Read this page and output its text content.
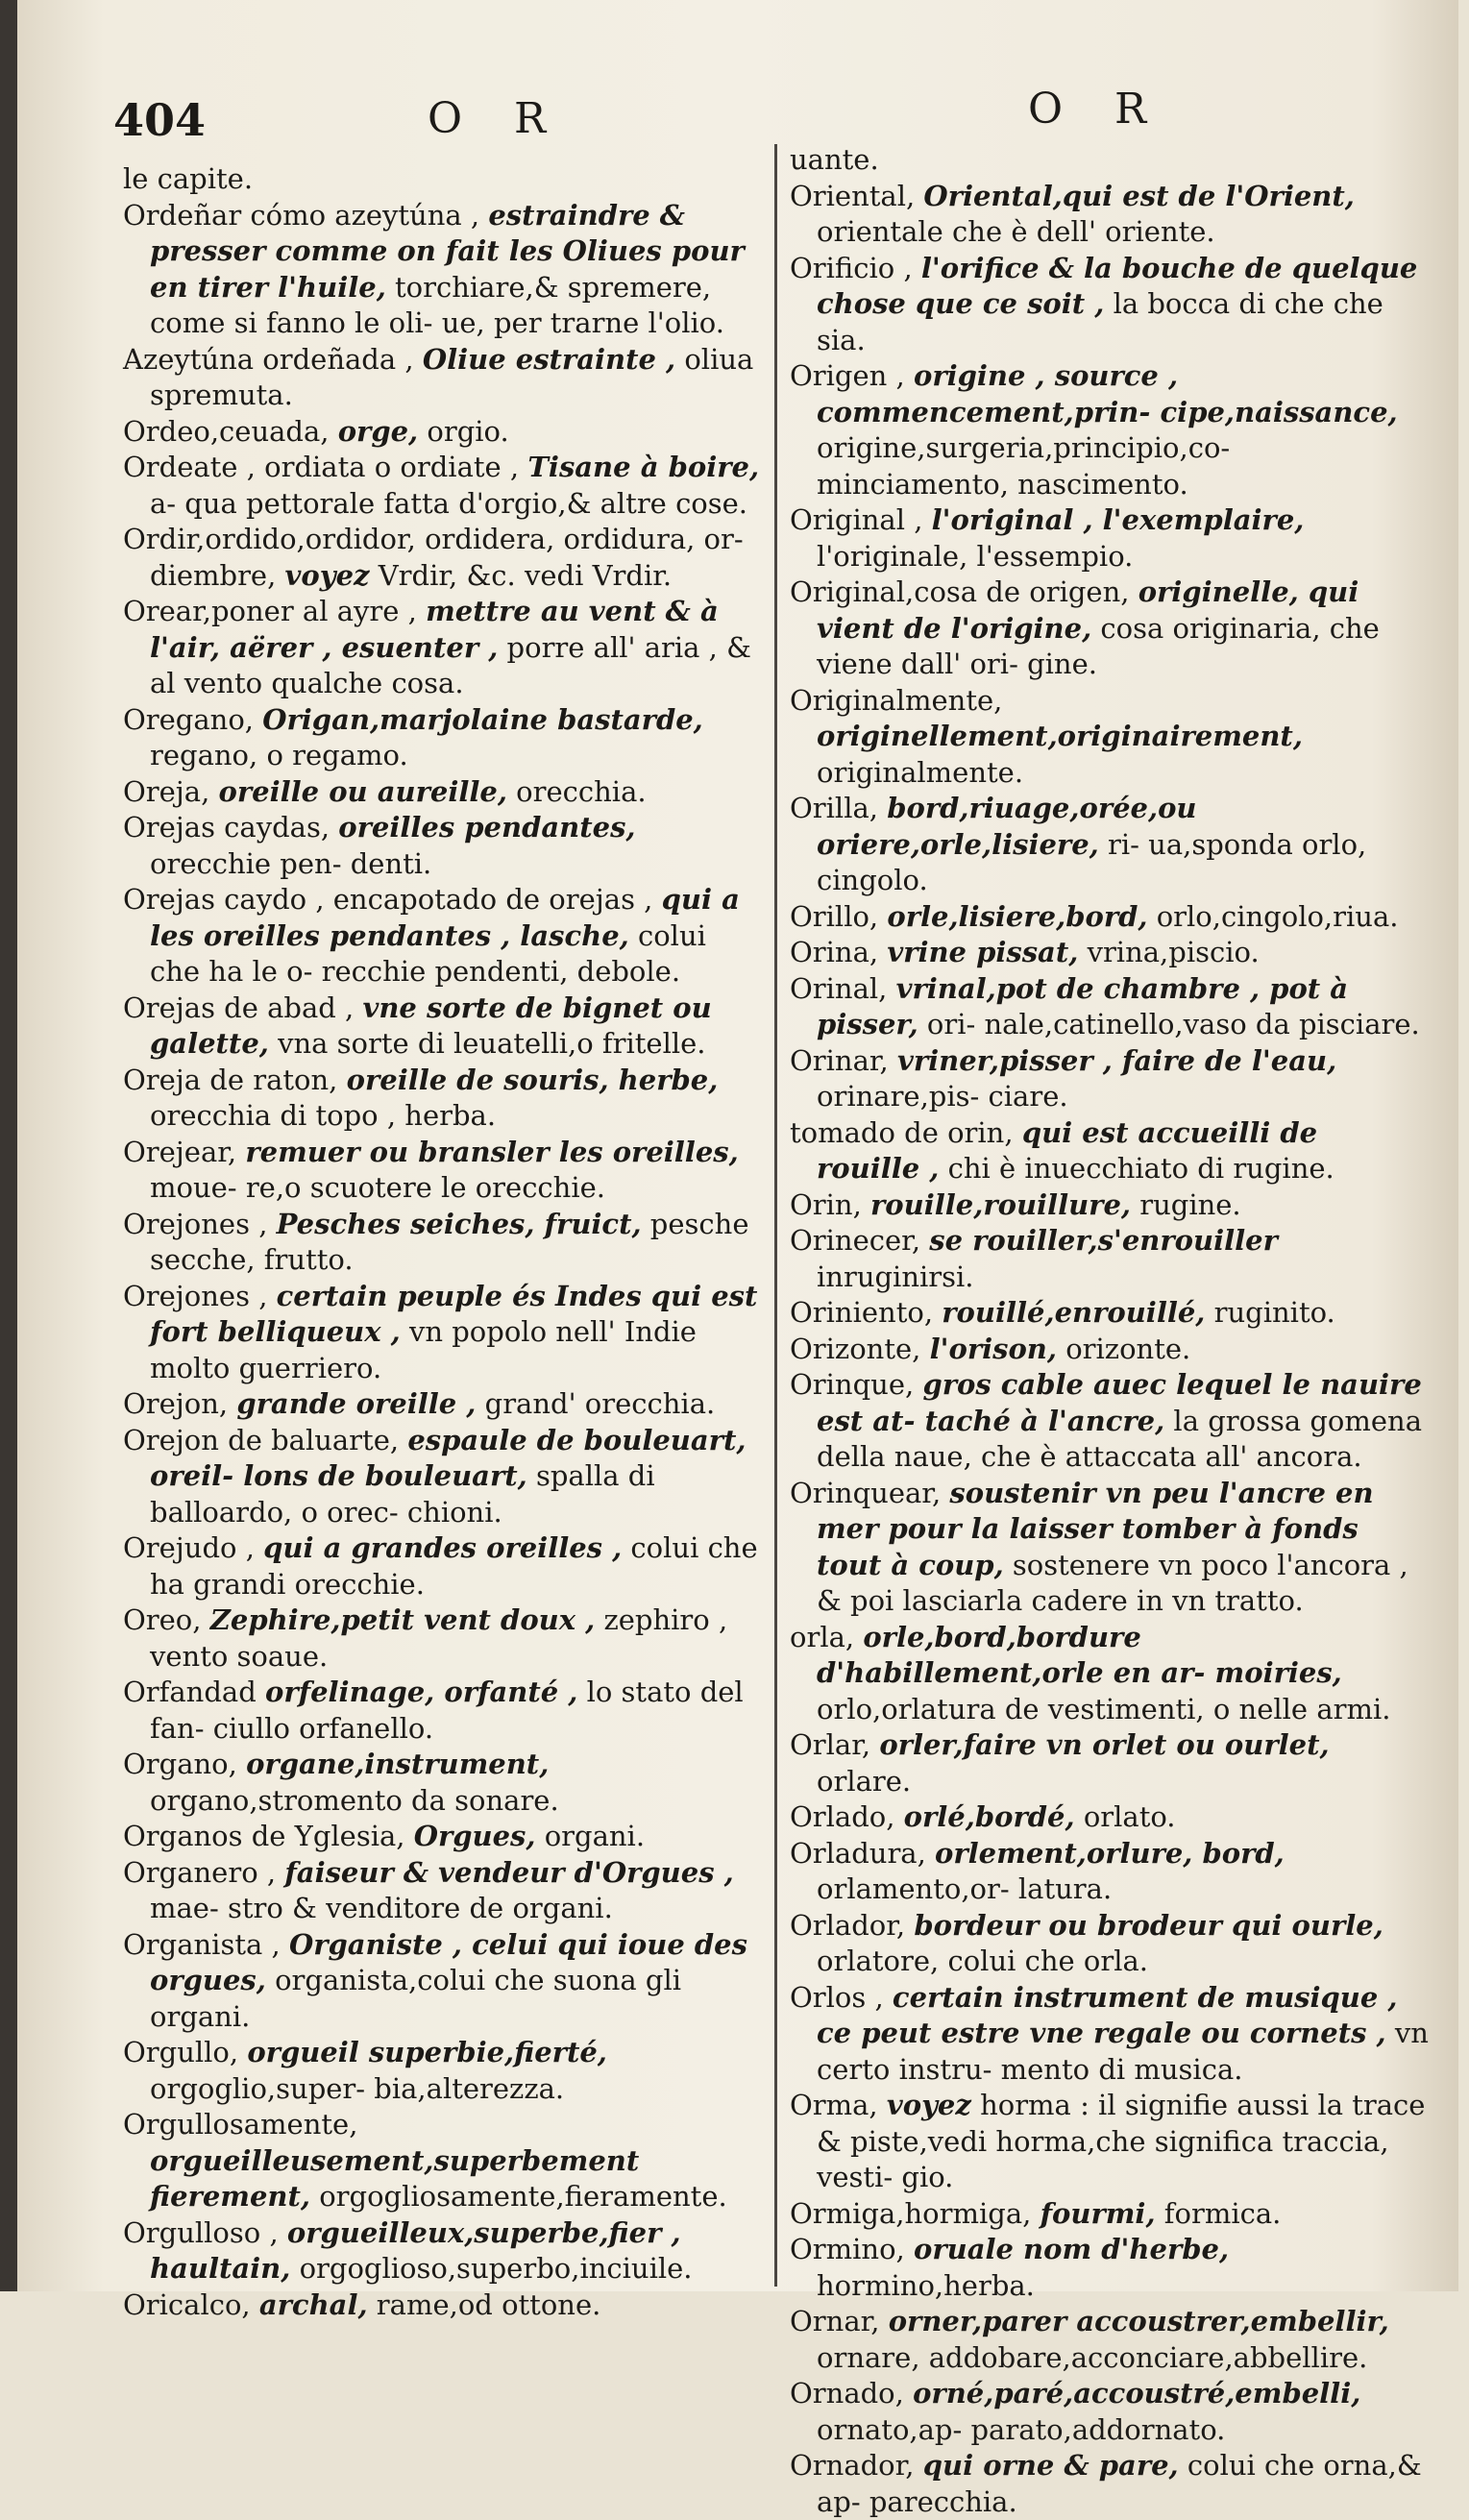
404	O R	O R

le capite.

Ordeñar cómo azeytúna , estraindre & presser comme on fait les Oliues pour en tirer l'huile, torchiare,& spremere, come si fanno le oli- ue, per trarne l'olio.

Azeytúna ordeñada , Oliue estrainte , oliua spremuta.

Ordeo,ceuada, orge, orgio.

Ordeate , ordiata o ordiate , Tisane à boire, a- qua pettorale fatta d'orgio,& altre cose.

Ordir,ordido,ordidor, ordidera, ordidura, or- diembre, voyez Vrdir, &c. vedi Vrdir.

Orear,poner al ayre , mettre au vent & à l'air, aërer , esuenter , porre all' aria , & al vento qualche cosa.

Oregano, Origan,marjolaine bastarde, regano, o regamo.

Oreja, oreille ou aureille, orecchia.

Orejas caydas, oreilles pendantes, orecchie pen- denti.

Orejas caydo , encapotado de orejas , qui a les oreilles pendantes , lasche, colui che ha le o- recchie pendenti, debole.

Orejas de abad , vne sorte de bignet ou galette, vna sorte di leuatelli,o fritelle.

Oreja de raton, oreille de souris, herbe, orecchia di topo , herba.

Orejear, remuer ou bransler les oreilles, moue- re,o scuotere le orecchie.

Orejones , Pesches seiches, fruict, pesche secche, frutto.

Orejones , certain peuple és Indes qui est fort belliqueux , vn popolo nell' Indie molto guerriero.

Orejon, grande oreille , grand' orecchia.

Orejon de baluarte, espaule de bouleuart, oreil- lons de bouleuart, spalla di balloardo, o orec- chioni.

Orejudo , qui a grandes oreilles , colui che ha grandi orecchie.

Oreo, Zephire,petit vent doux , zephiro , vento soaue.

Orfandad orfelinage, orfanté , lo stato del fan- ciullo orfanello.

Organo, organe,instrument, organo,stromento da sonare.

Organos de Yglesia, Orgues, organi.

Organero , faiseur & vendeur d'Orgues , mae- stro & venditore de organi.

Organista , Organiste , celui qui ioue des orgues, organista,colui che suona gli organi.

Orgullo, orgueil superbie,fierté, orgoglio,super- bia,alterezza.

Orgullosamente, orgueilleusement,superbement fierement, orgogliosamente,fieramente.

Orgulloso , orgueilleux,superbe,fier , haultain, orgoglioso,superbo,inciuile.

Oricalco, archal, rame,od ottone.

uante.

Oriental, Oriental,qui est de l'Orient, orientale che è dell' oriente.

Orificio , l'orifice & la bouche de quelque chose que ce soit , la bocca di che che sia.

Origen , origine , source , commencement,prin- cipe,naissance, origine,surgeria,principio,co- minciamento, nascimento.

Original , l'original , l'exemplaire, l'originale, l'essempio.

Original,cosa de origen, originelle, qui vient de l'origine, cosa originaria, che viene dall' ori- gine.

Originalmente, originellement,originairement, originalmente.

Orilla, bord,riuage,orée,ou oriere,orle,lisiere, ri- ua,sponda orlo, cingolo.

Orillo, orle,lisiere,bord, orlo,cingolo,riua.

Orina, vrine pissat, vrina,piscio.

Orinal, vrinal,pot de chambre , pot à pisser, ori- nale,catinello,vaso da pisciare.

Orinar, vriner,pisser , faire de l'eau, orinare,pis- ciare.

tomado de orin, qui est accueilli de rouille , chi è inuecchiato di rugine.

Orin, rouille,rouillure, rugine.

Orinecer, se rouiller,s'enrouiller inruginirsi.

Oriniento, rouillé,enrouillé, ruginito.

Orizonte, l'orison, orizonte.

Orinque, gros cable auec lequel le nauire est at- taché à l'ancre, la grossa gomena della naue, che è attaccata all' ancora.

Orinquear, soustenir vn peu l'ancre en mer pour la laisser tomber à fonds tout à coup, sostenere vn poco l'ancora , & poi lasciarla cadere in vn tratto.

orla, orle,bord,bordure d'habillement,orle en ar- moiries, orlo,orlatura de vestimenti, o nelle armi.

Orlar, orler,faire vn orlet ou ourlet, orlare.

Orlado, orlé,bordé, orlato.

Orladura, orlement,orlure, bord, orlamento,or- latura.

Orlador, bordeur ou brodeur qui ourle, orlatore, colui che orla.

Orlos , certain instrument de musique , ce peut estre vne regale ou cornets , vn certo instru- mento di musica.

Orma, voyez horma : il signifie aussi la trace & piste,vedi horma,che significa traccia, vesti- gio.

Ormiga,hormiga, fourmi, formica.

Ormino, oruale nom d'herbe, hormino,herba.

Ornar, orner,parer accoustrer,embellir, ornare, addobare,acconciare,abbellire.

Ornado, orné,paré,accoustré,embelli, ornato,ap- parato,addornato.

Ornador, qui orne & pare, colui che orna,& ap- parecchia.
